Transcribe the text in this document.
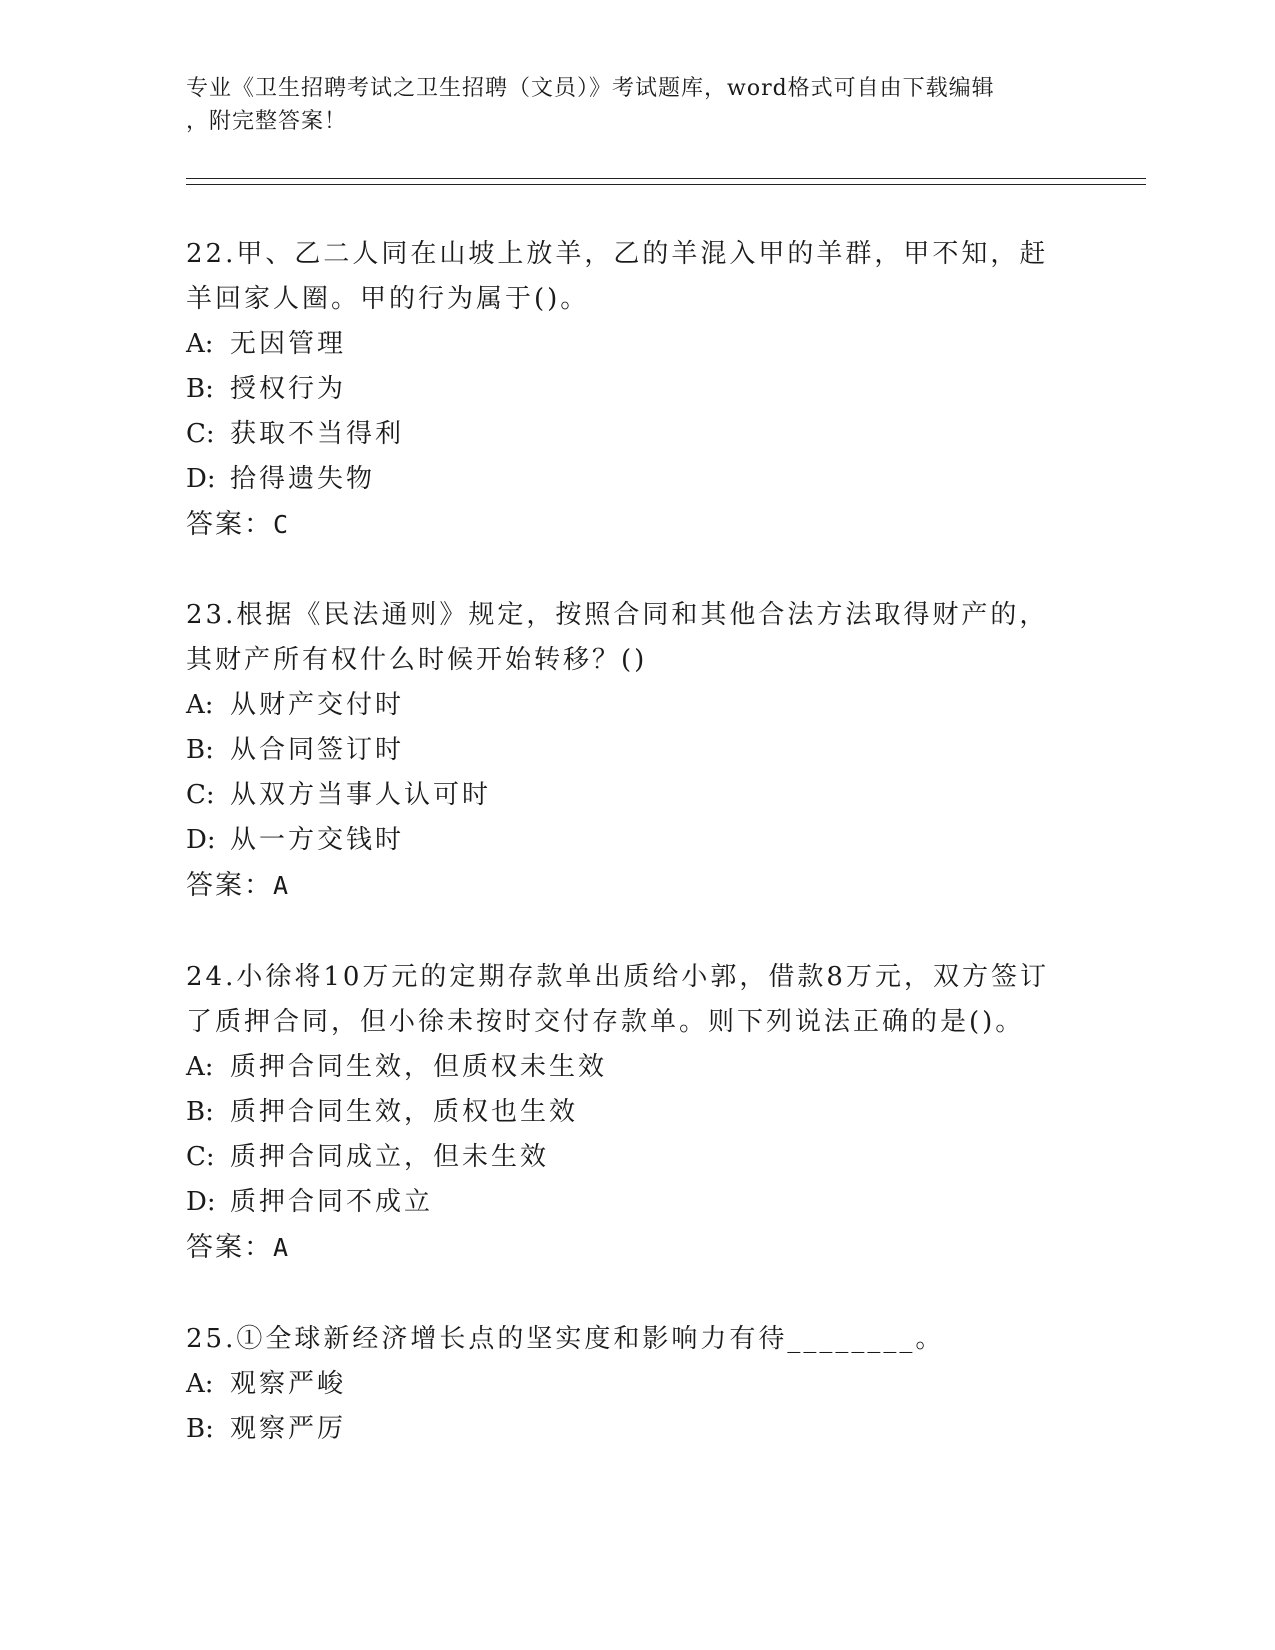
专业《卫生招聘考试之卫生招聘（文员）》考试题库，word格式可自由下载编辑
，附完整答案！

22.甲、乙二人同在山坡上放羊，乙的羊混入甲的羊群，甲不知，赶羊回家人圈。甲的行为属于()。

A: 无因管理

B: 授权行为

C: 获取不当得利

D: 拾得遗失物

答案：C

23.根据《民法通则》规定，按照合同和其他合法方法取得财产的，其财产所有权什么时候开始转移？()

A: 从财产交付时

B: 从合同签订时

C: 从双方当事人认可时

D: 从一方交钱时

答案：A

24.小徐将10万元的定期存款单出质给小郭，借款8万元，双方签订了质押合同，但小徐未按时交付存款单。则下列说法正确的是()。

A: 质押合同生效，但质权未生效

B: 质押合同生效，质权也生效

C: 质押合同成立，但未生效

D: 质押合同不成立

答案：A

25.①全球新经济增长点的坚实度和影响力有待________。

A: 观察严峻

B: 观察严厉
